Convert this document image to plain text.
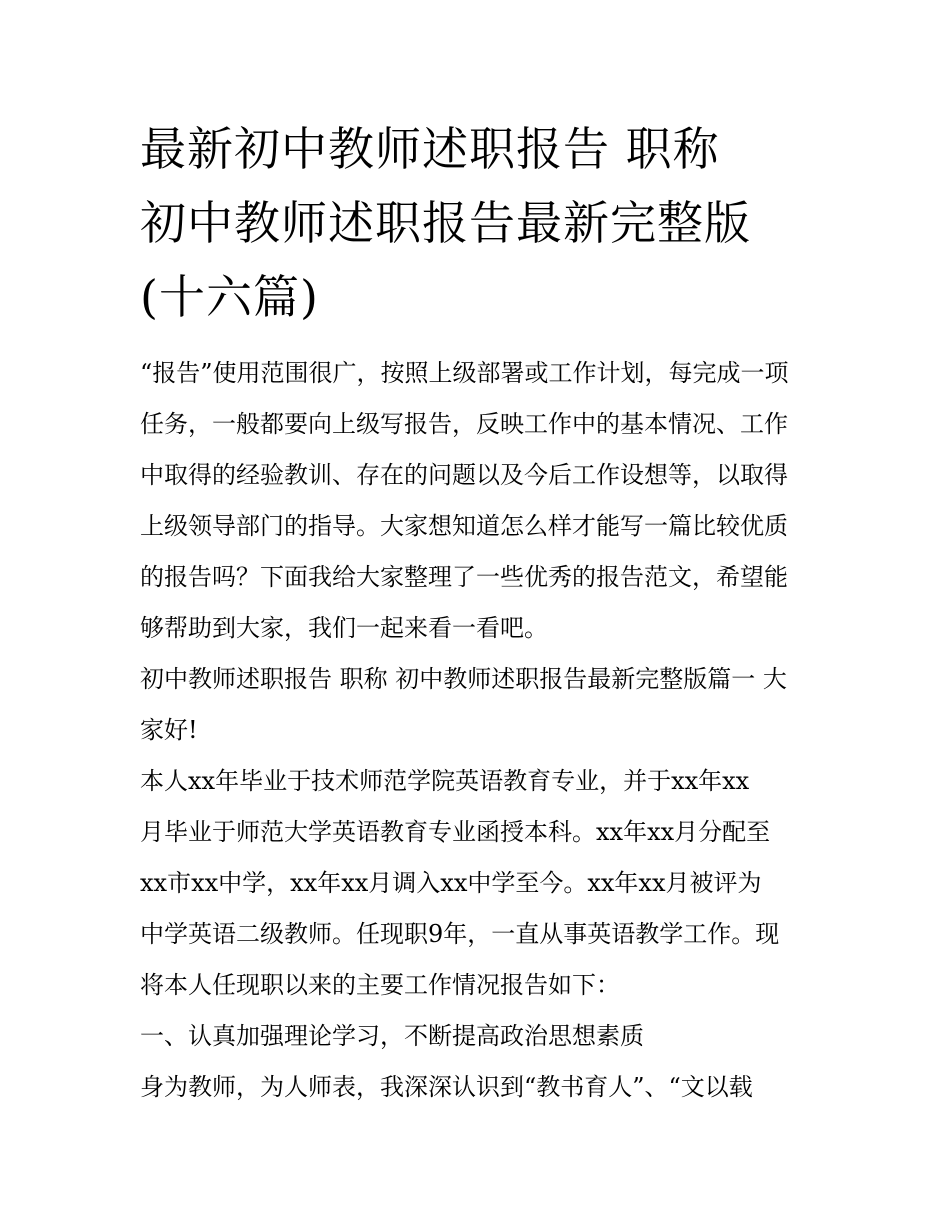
最新初中教师述职报告 职称
初中教师述职报告最新完整版
(十六篇)

“报告”使用范围很广，按照上级部署或工作计划，每完成一项
任务，一般都要向上级写报告，反映工作中的基本情况、工作
中取得的经验教训、存在的问题以及今后工作设想等，以取得
上级领导部门的指导。大家想知道怎么样才能写一篇比较优质
的报告吗？下面我给大家整理了一些优秀的报告范文，希望能
够帮助到大家，我们一起来看一看吧。

初中教师述职报告 职称 初中教师述职报告最新完整版篇一 大
家好!

本人xx年毕业于技术师范学院英语教育专业，并于xx年xx
月毕业于师范大学英语教育专业函授本科。xx年xx月分配至
xx市xx中学，xx年xx月调入xx中学至今。xx年xx月被评为
中学英语二级教师。任现职9年，一直从事英语教学工作。现
将本人任现职以来的主要工作情况报告如下：

一、认真加强理论学习，不断提高政治思想素质

身为教师，为人师表，我深深认识到“教书育人”、“文以载
